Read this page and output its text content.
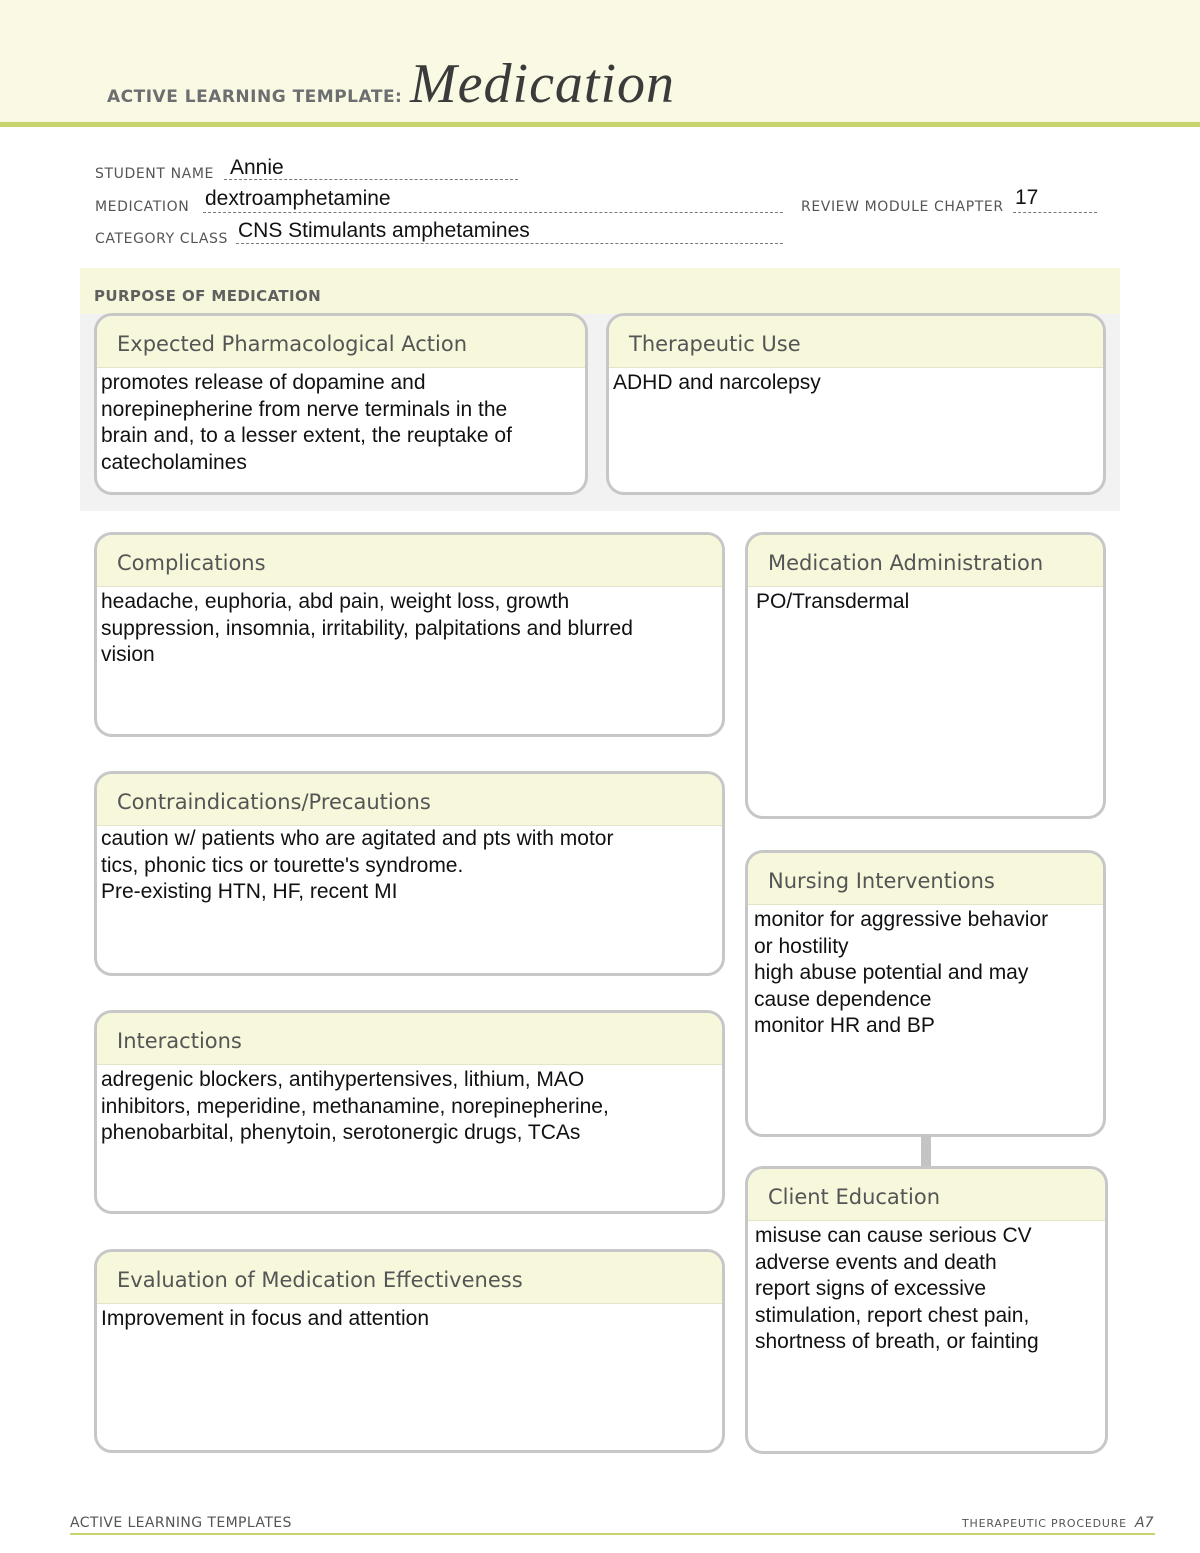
ACTIVE LEARNING TEMPLATE: Medication
STUDENT NAME Annie
MEDICATION dextroamphetamine	REVIEW MODULE CHAPTER 17
CATEGORY CLASS CNS Stimulants amphetamines
PURPOSE OF MEDICATION
Expected Pharmacological Action
promotes release of dopamine and
norepinepherine from nerve terminals in the
brain and, to a lesser extent, the reuptake of
catecholamines
Therapeutic Use
ADHD and narcolepsy
Complications
headache, euphoria, abd pain, weight loss, growth
suppression, insomnia, irritability, palpitations and blurred
vision
Contraindications/Precautions
caution w/ patients who are agitated and pts with motor
tics, phonic tics or tourette's syndrome.
Pre-existing HTN, HF, recent MI
Interactions
adregenic blockers, antihypertensives, lithium, MAO
inhibitors, meperidine, methanamine, norepinepherine,
phenobarbital, phenytoin, serotonergic drugs, TCAs
Evaluation of Medication Effectiveness
Improvement in focus and attention
Medication Administration
PO/Transdermal
Nursing Interventions
monitor for aggressive behavior
or hostility
high abuse potential and may
cause dependence
monitor HR and BP
Client Education
misuse can cause serious CV
adverse events and death
report signs of excessive
stimulation, report chest pain,
shortness of breath, or fainting
ACTIVE LEARNING TEMPLATES	THERAPEUTIC PROCEDURE A7
